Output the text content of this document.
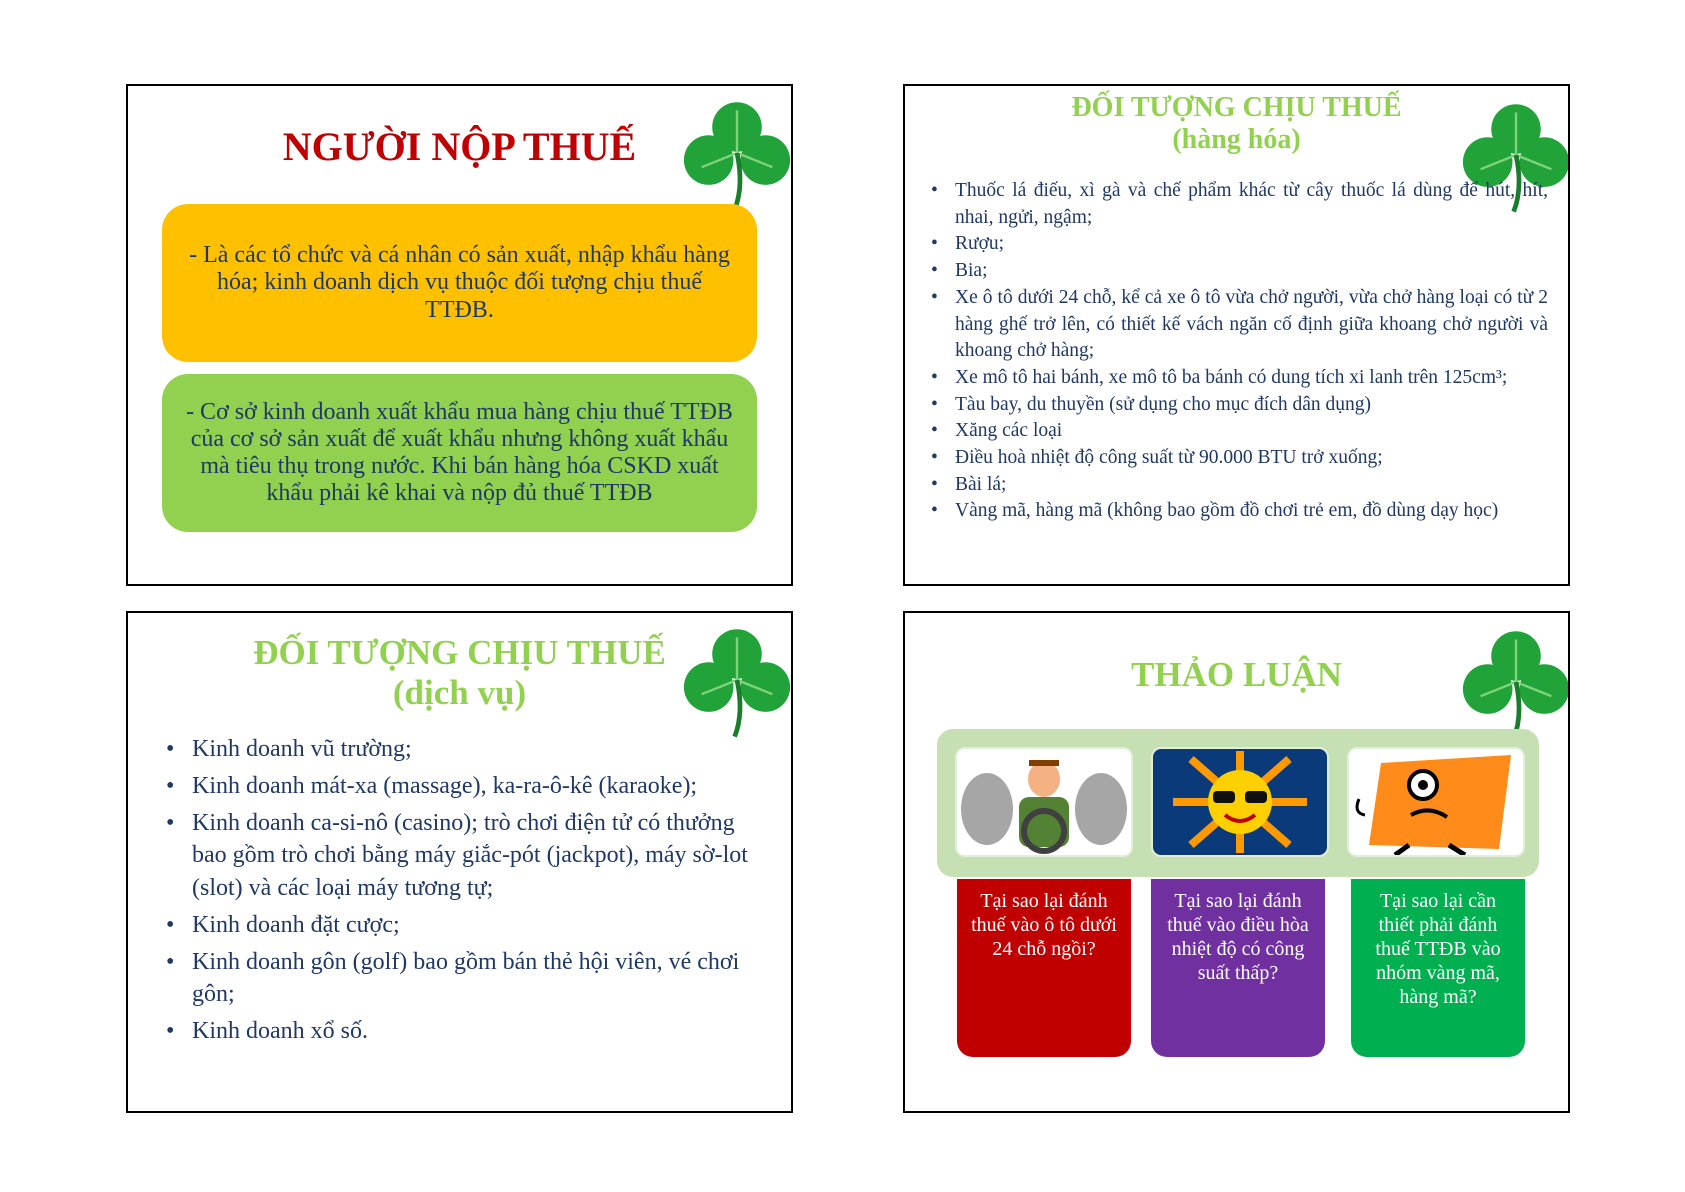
NGƯỜI NỘP THUẾ
- Là các tổ chức và cá nhân có sản xuất, nhập khẩu hàng hóa; kinh doanh dịch vụ thuộc đối tượng chịu thuế TTĐB.
- Cơ sở kinh doanh xuất khẩu mua hàng chịu thuế TTĐB của cơ sở sản xuất để xuất khẩu nhưng không xuất khẩu mà tiêu thụ trong nước. Khi bán hàng hóa CSKD xuất khẩu phải kê khai và nộp đủ thuế TTĐB
ĐỐI TƯỢNG CHỊU THUẾ
(hàng hóa)
• Thuốc lá điếu, xì gà và chế phẩm khác từ cây thuốc lá dùng để hút, hít, nhai, ngửi, ngậm;
• Rượu;
• Bia;
• Xe ô tô dưới 24 chỗ, kể cả xe ô tô vừa chở người, vừa chở hàng loại có từ 2 hàng ghế trở lên, có thiết kế vách ngăn cố định giữa khoang chở người và khoang chở hàng;
• Xe mô tô hai bánh, xe mô tô ba bánh có dung tích xi lanh trên 125cm³;
• Tàu bay, du thuyền (sử dụng cho mục đích dân dụng)
• Xăng các loại
• Điều hoà nhiệt độ công suất từ 90.000 BTU trở xuống;
• Bài lá;
• Vàng mã, hàng mã (không bao gồm đồ chơi trẻ em, đồ dùng dạy học)
ĐỐI TƯỢNG CHỊU THUẾ
(dịch vụ)
• Kinh doanh vũ trường;
• Kinh doanh mát-xa (massage), ka-ra-ô-kê (karaoke);
• Kinh doanh ca-si-nô (casino); trò chơi điện tử có thưởng bao gồm trò chơi bằng máy giắc-pót (jackpot), máy sờ-lot (slot) và các loại máy tương tự;
• Kinh doanh đặt cược;
• Kinh doanh gôn (golf) bao gồm bán thẻ hội viên, vé chơi gôn;
• Kinh doanh xổ số.
THẢO LUẬN
Tại sao lại đánh thuế vào ô tô dưới 24 chỗ ngồi?
Tại sao lại đánh thuế vào điều hòa nhiệt độ có công suất thấp?
Tại sao lại cần thiết phải đánh thuế TTĐB vào nhóm vàng mã, hàng mã?
